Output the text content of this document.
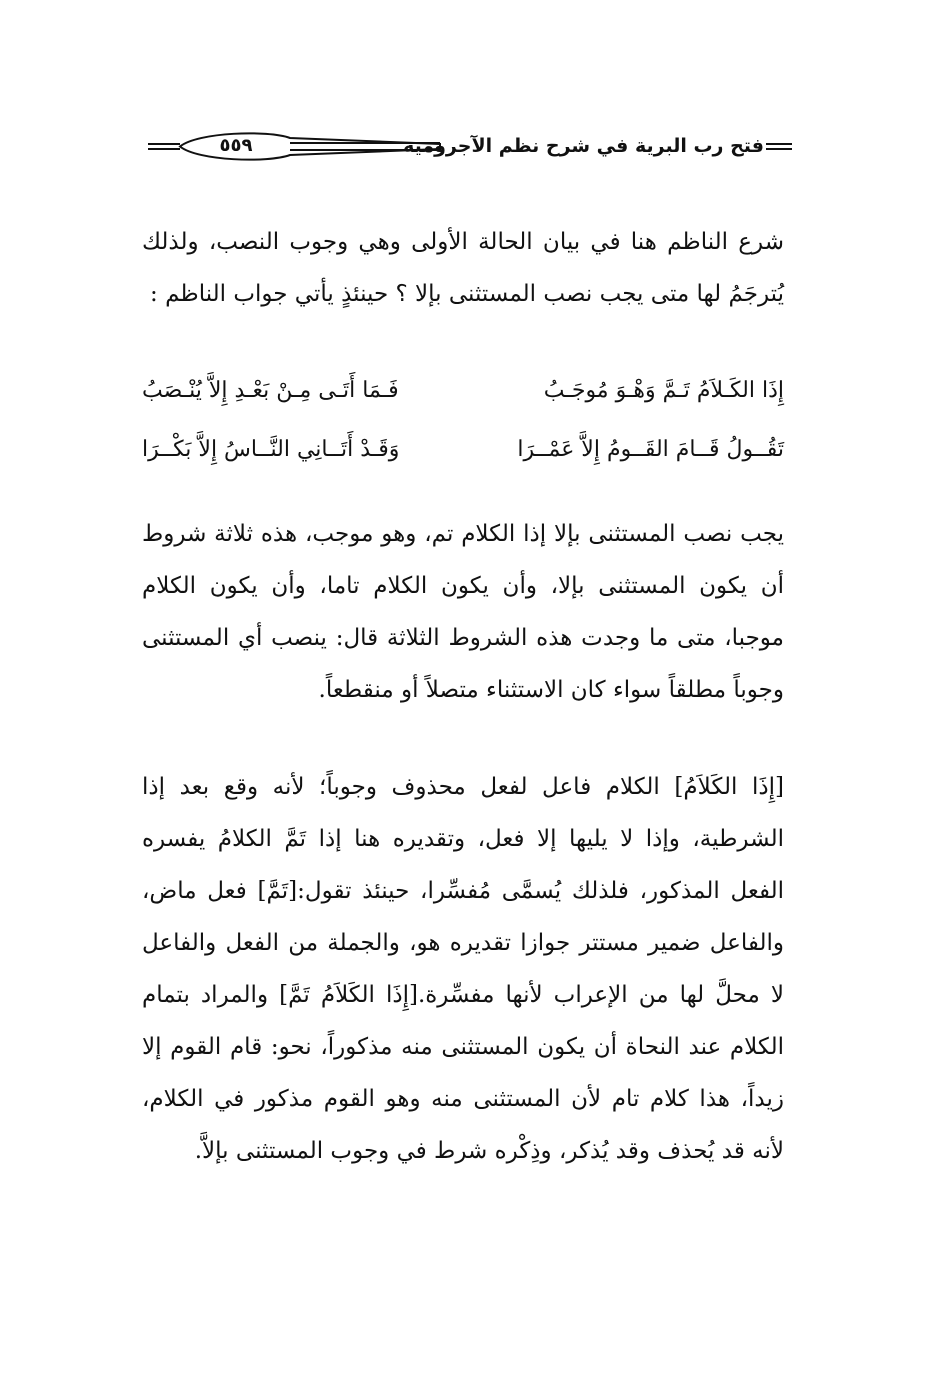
٥٥٩	فتح رب البرية في شرح نظم الآجرومية

شرع الناظم هنا في بيان الحالة الأولى وهي وجوب النصب، ولذلك يُترجَمُ لها متى يجب نصب المستثنى بإلا ؟ حينئذٍ يأتي جواب الناظم :

إِذَا الكَـلاَمُ تَـمَّ وَهْـوَ مُوجَـبُ
فَـمَا أَتَـى مِـنْ بَعْـدِ إِلاَّ يُنْـصَبُ
تَقُــولُ قَــامَ القَــومُ إِلاَّ عَمْــرَا
وَقَـدْ أَتَــانِي النَّــاسُ إِلاَّ بَكْــرَا

يجب نصب المستثنى بإلا إذا الكلام تم، وهو موجب، هذه ثلاثة شروط أن يكون المستثنى بإلا، وأن يكون الكلام تاما، وأن يكون الكلام موجبا، متى ما وجدت هذه الشروط الثلاثة قال: ينصب أي المستثنى وجوباً مطلقاً سواء كان الاستثناء متصلاً أو منقطعاً.

[إِذَا الكَلاَمُ] الكلام فاعل لفعل محذوف وجوباً؛ لأنه وقع بعد إذا الشرطية، وإذا لا يليها إلا فعل، وتقديره هنا إذا تَمَّ الكلامُ يفسره الفعل المذكور، فلذلك يُسمَّى مُفسِّرا، حينئذ تقول:[تَمَّ] فعل ماض، والفاعل ضمير مستتر جوازا تقديره هو، والجملة من الفعل والفاعل لا محلَّ لها من الإعراب لأنها مفسِّرة.[إِذَا الكَلاَمُ تَمَّ] والمراد بتمام الكلام عند النحاة أن يكون المستثنى منه مذكوراً، نحو: قام القوم إلا زيداً، هذا كلام تام لأن المستثنى منه وهو القوم مذكور في الكلام، لأنه قد يُحذف وقد يُذكر، وذِكْره شرط في وجوب المستثنى بإلاَّ.
